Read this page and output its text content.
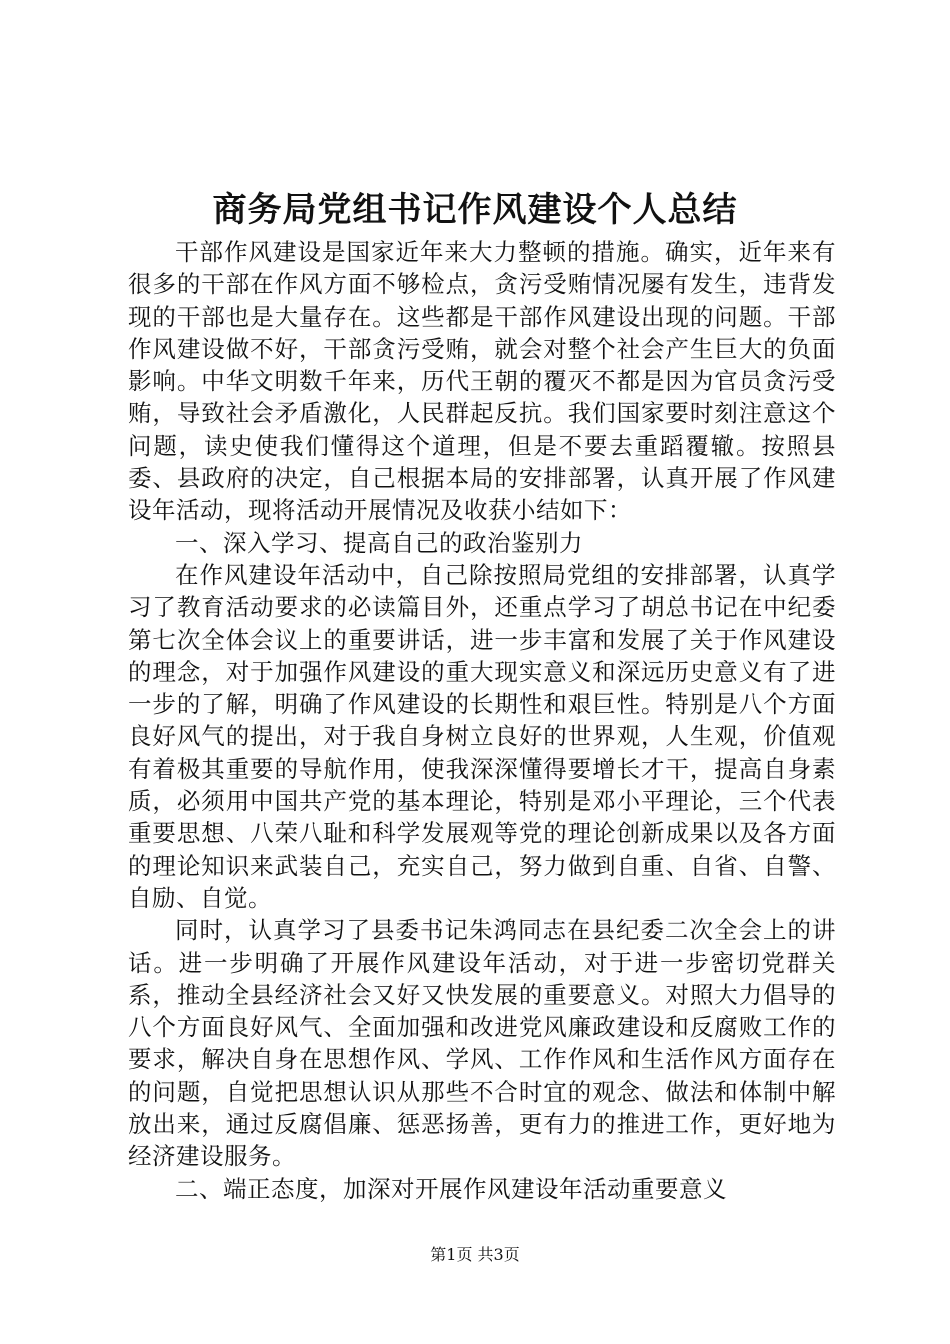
商务局党组书记作风建设个人总结

干部作风建设是国家近年来大力整顿的措施。确实，近年来有很多的干部在作风方面不够检点，贪污受贿情况屡有发生，违背发现的干部也是大量存在。这些都是干部作风建设出现的问题。干部作风建设做不好，干部贪污受贿，就会对整个社会产生巨大的负面影响。中华文明数千年来，历代王朝的覆灭不都是因为官员贪污受贿，导致社会矛盾激化，人民群起反抗。我们国家要时刻注意这个问题，读史使我们懂得这个道理，但是不要去重蹈覆辙。按照县委、县政府的决定，自己根据本局的安排部署，认真开展了作风建设年活动，现将活动开展情况及收获小结如下：

一、深入学习、提高自己的政治鉴别力

在作风建设年活动中，自己除按照局党组的安排部署，认真学习了教育活动要求的必读篇目外，还重点学习了胡总书记在中纪委第七次全体会议上的重要讲话，进一步丰富和发展了关于作风建设的理念，对于加强作风建设的重大现实意义和深远历史意义有了进一步的了解，明确了作风建设的长期性和艰巨性。特别是八个方面良好风气的提出，对于我自身树立良好的世界观，人生观，价值观有着极其重要的导航作用，使我深深懂得要增长才干，提高自身素质，必须用中国共产党的基本理论，特别是邓小平理论，三个代表重要思想、八荣八耻和科学发展观等党的理论创新成果以及各方面的理论知识来武装自己，充实自己，努力做到自重、自省、自警、自励、自觉。

同时，认真学习了县委书记朱鸿同志在县纪委二次全会上的讲话。进一步明确了开展作风建设年活动，对于进一步密切党群关系，推动全县经济社会又好又快发展的重要意义。对照大力倡导的八个方面良好风气、全面加强和改进党风廉政建设和反腐败工作的要求，解决自身在思想作风、学风、工作作风和生活作风方面存在的问题，自觉把思想认识从那些不合时宜的观念、做法和体制中解放出来，通过反腐倡廉、惩恶扬善，更有力的推进工作，更好地为经济建设服务。

二、端正态度，加深对开展作风建设年活动重要意义

第1页 共3页
